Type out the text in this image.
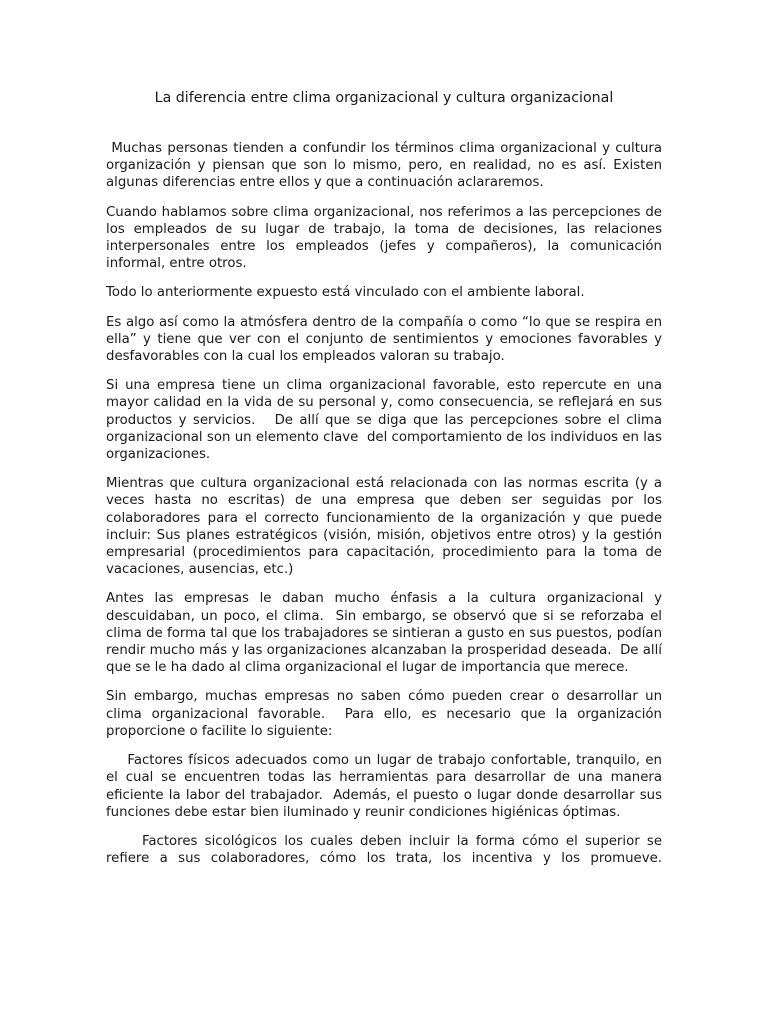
La diferencia entre clima organizacional y cultura organizacional

Muchas personas tienden a confundir los términos clima organizacional y cultura organización y piensan que son lo mismo, pero, en realidad, no es así. Existen algunas diferencias entre ellos y que a continuación aclararemos.

Cuando hablamos sobre clima organizacional, nos referimos a las percepciones de los empleados de su lugar de trabajo, la toma de decisiones, las relaciones interpersonales entre los empleados (jefes y compañeros), la comunicación informal, entre otros.

Todo lo anteriormente expuesto está vinculado con el ambiente laboral.

Es algo así como la atmósfera dentro de la compañía o como “lo que se respira en ella” y tiene que ver con el conjunto de sentimientos y emociones favorables y desfavorables con la cual los empleados valoran su trabajo.

Si una empresa tiene un clima organizacional favorable, esto repercute en una mayor calidad en la vida de su personal y, como consecuencia, se reflejará en sus productos y servicios.   De allí que se diga que las percepciones sobre el clima organizacional son un elemento clave  del comportamiento de los individuos en las organizaciones.

Mientras que cultura organizacional está relacionada con las normas escrita (y a veces hasta no escritas) de una empresa que deben ser seguidas por los colaboradores para el correcto funcionamiento de la organización y que puede incluir: Sus planes estratégicos (visión, misión, objetivos entre otros) y la gestión empresarial (procedimientos para capacitación, procedimiento para la toma de vacaciones, ausencias, etc.)

Antes las empresas le daban mucho énfasis a la cultura organizacional y descuidaban, un poco, el clima.  Sin embargo, se observó que si se reforzaba el clima de forma tal que los trabajadores se sintieran a gusto en sus puestos, podían rendir mucho más y las organizaciones alcanzaban la prosperidad deseada.  De allí que se le ha dado al clima organizacional el lugar de importancia que merece.

Sin embargo, muchas empresas no saben cómo pueden crear o desarrollar un clima organizacional favorable.  Para ello, es necesario que la organización proporcione o facilite lo siguiente:

Factores físicos adecuados como un lugar de trabajo confortable, tranquilo, en el cual se encuentren todas las herramientas para desarrollar de una manera eficiente la labor del trabajador.  Además, el puesto o lugar donde desarrollar sus funciones debe estar bien iluminado y reunir condiciones higiénicas óptimas.

Factores sicológicos los cuales deben incluir la forma cómo el superior se refiere a sus colaboradores, cómo los trata, los incentiva y los promueve.
